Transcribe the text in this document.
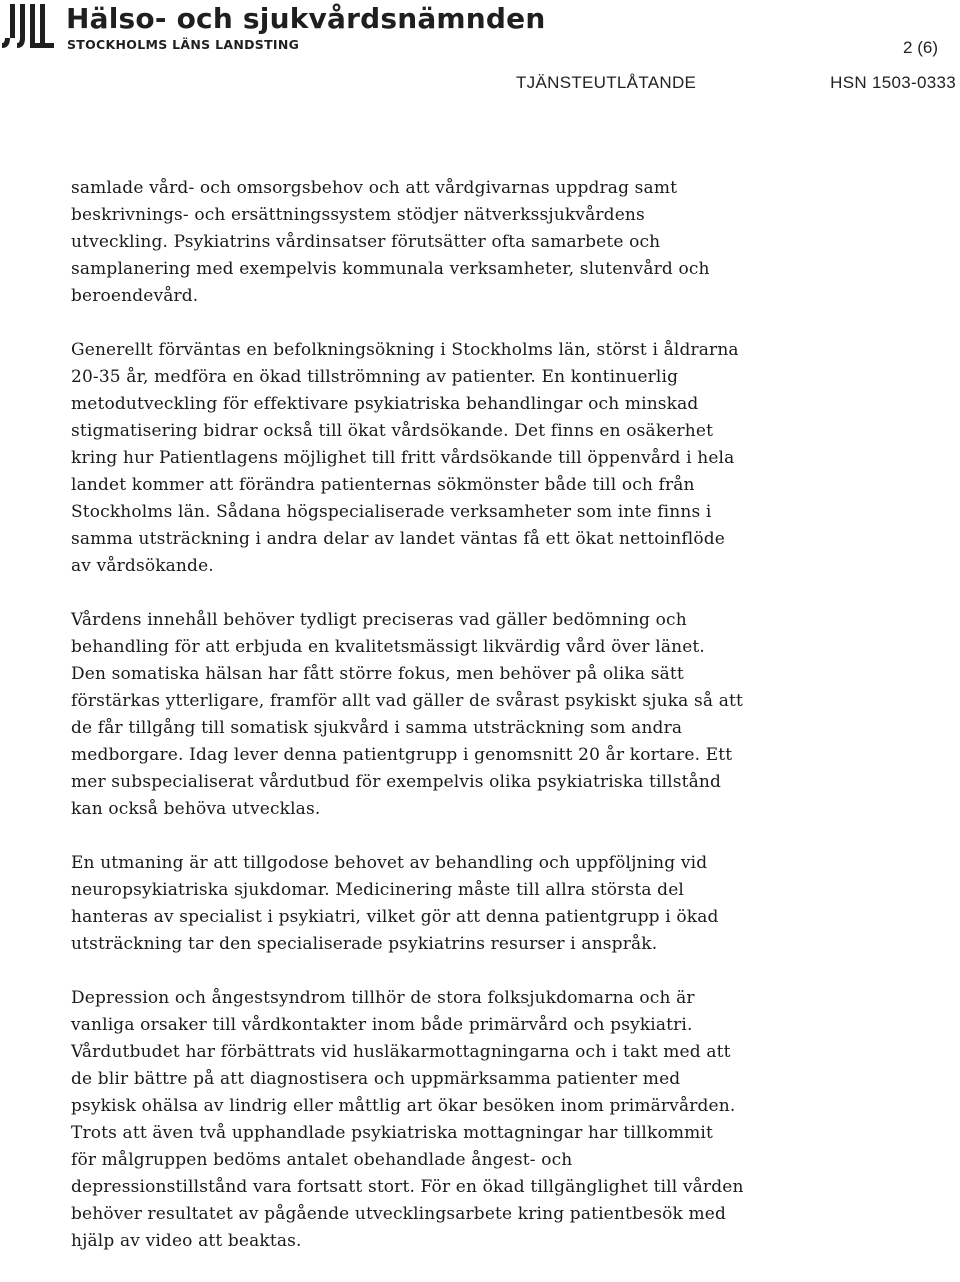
Hälso- och sjukvårdsnämnden
STOCKHOLMS LÄNS LANDSTING	2 (6)
TJÄNSTEUTLÅTANDE	HSN 1503-0333

samlade vård- och omsorgsbehov och att vårdgivarnas uppdrag samt
beskrivnings- och ersättningssystem stödjer nätverkssjukvårdens
utveckling. Psykiatrins vårdinsatser förutsätter ofta samarbete och
samplanering med exempelvis kommunala verksamheter, slutenvård och
beroendevård.

Generellt förväntas en befolkningsökning i Stockholms län, störst i åldrarna
20-35 år, medföra en ökad tillströmning av patienter. En kontinuerlig
metodutveckling för effektivare psykiatriska behandlingar och minskad
stigmatisering bidrar också till ökat vårdsökande. Det finns en osäkerhet
kring hur Patientlagens möjlighet till fritt vårdsökande till öppenvård i hela
landet kommer att förändra patienternas sökmönster både till och från
Stockholms län. Sådana högspecialiserade verksamheter som inte finns i
samma utsträckning i andra delar av landet väntas få ett ökat nettoinflöde
av vårdsökande.

Vårdens innehåll behöver tydligt preciseras vad gäller bedömning och
behandling för att erbjuda en kvalitetsmässigt likvärdig vård över länet.
Den somatiska hälsan har fått större fokus, men behöver på olika sätt
förstärkas ytterligare, framför allt vad gäller de svårast psykiskt sjuka så att
de får tillgång till somatisk sjukvård i samma utsträckning som andra
medborgare. Idag lever denna patientgrupp i genomsnitt 20 år kortare. Ett
mer subspecialiserat vårdutbud för exempelvis olika psykiatriska tillstånd
kan också behöva utvecklas.

En utmaning är att tillgodose behovet av behandling och uppföljning vid
neuropsykiatriska sjukdomar. Medicinering måste till allra största del
hanteras av specialist i psykiatri, vilket gör att denna patientgrupp i ökad
utsträckning tar den specialiserade psykiatrins resurser i anspråk.

Depression och ångestsyndrom tillhör de stora folksjukdomarna och är
vanliga orsaker till vårdkontakter inom både primärvård och psykiatri.
Vårdutbudet har förbättrats vid husläkarmottagningarna och i takt med att
de blir bättre på att diagnostisera och uppmärksamma patienter med
psykisk ohälsa av lindrig eller måttlig art ökar besöken inom primärvården.
Trots att även två upphandlade psykiatriska mottagningar har tillkommit
för målgruppen bedöms antalet obehandlade ångest- och
depressionstillstånd vara fortsatt stort. För en ökad tillgänglighet till vården
behöver resultatet av pågående utvecklingsarbete kring patientbesök med
hjälp av video att beaktas.
